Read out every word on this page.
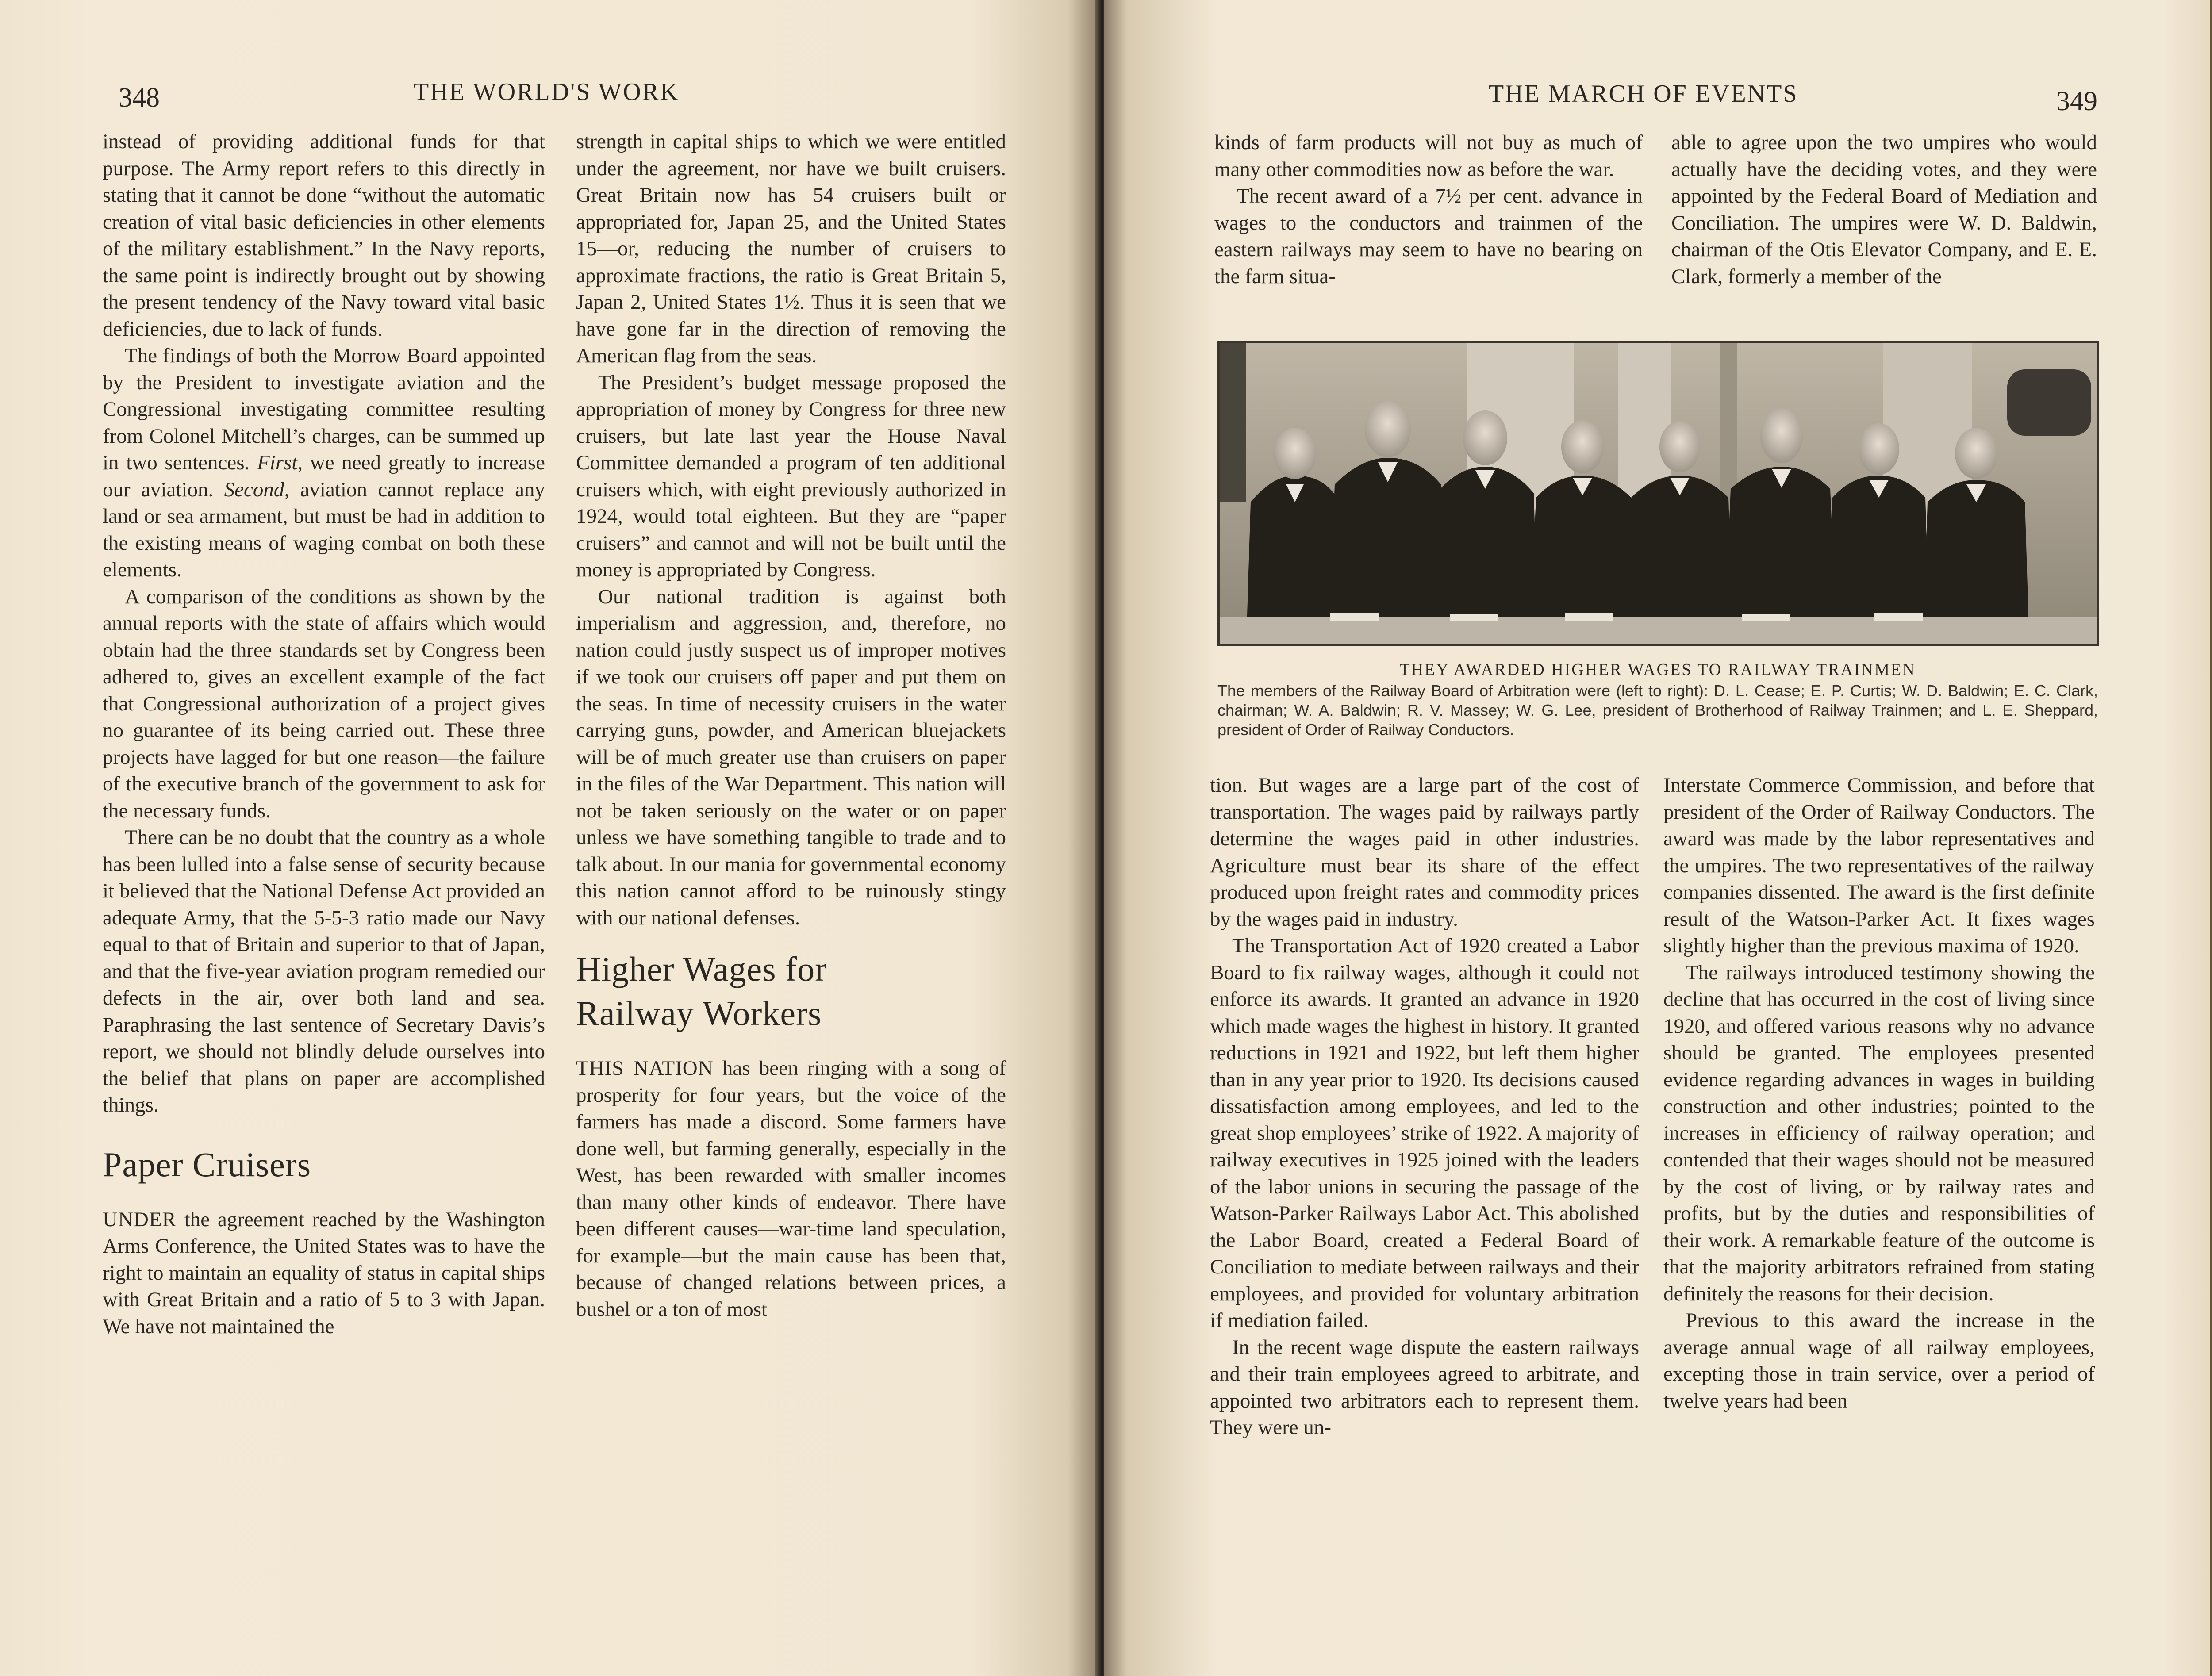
348	THE WORLD'S WORK

instead of providing additional funds for that purpose. The Army report refers to this directly in stating that it cannot be done “without the automatic creation of vital basic deficiencies in other elements of the military establishment.” In the Navy reports, the same point is indirectly brought out by showing the present tendency of the Navy toward vital basic deficiencies, due to lack of funds.

The findings of both the Morrow Board appointed by the President to investigate aviation and the Congressional investigating committee resulting from Colonel Mitchell’s charges, can be summed up in two sentences. First, we need greatly to increase our aviation. Second, aviation cannot replace any land or sea armament, but must be had in addition to the existing means of waging combat on both these elements.

A comparison of the conditions as shown by the annual reports with the state of affairs which would obtain had the three standards set by Congress been adhered to, gives an excellent example of the fact that Congressional authorization of a project gives no guarantee of its being carried out. These three projects have lagged for but one reason—the failure of the executive branch of the government to ask for the necessary funds.

There can be no doubt that the country as a whole has been lulled into a false sense of security because it believed that the National Defense Act provided an adequate Army, that the 5-5-3 ratio made our Navy equal to that of Britain and superior to that of Japan, and that the five-year aviation program remedied our defects in the air, over both land and sea. Paraphrasing the last sentence of Secretary Davis’s report, we should not blindly delude ourselves into the belief that plans on paper are accomplished things.

Paper Cruisers

UNDER the agreement reached by the Washington Arms Conference, the United States was to have the right to maintain an equality of status in capital ships with Great Britain and a ratio of 5 to 3 with Japan. We have not maintained the

strength in capital ships to which we were entitled under the agreement, nor have we built cruisers. Great Britain now has 54 cruisers built or appropriated for, Japan 25, and the United States 15—or, reducing the number of cruisers to approximate fractions, the ratio is Great Britain 5, Japan 2, United States 1½. Thus it is seen that we have gone far in the direction of removing the American flag from the seas.

The President’s budget message proposed the appropriation of money by Congress for three new cruisers, but late last year the House Naval Committee demanded a program of ten additional cruisers which, with eight previously authorized in 1924, would total eighteen. But they are “paper cruisers” and cannot and will not be built until the money is appropriated by Congress.

Our national tradition is against both imperialism and aggression, and, therefore, no nation could justly suspect us of improper motives if we took our cruisers off paper and put them on the seas. In time of necessity cruisers in the water carrying guns, powder, and American bluejackets will be of much greater use than cruisers on paper in the files of the War Department. This nation will not be taken seriously on the water or on paper unless we have something tangible to trade and to talk about. In our mania for governmental economy this nation cannot afford to be ruinously stingy with our national defenses.

Higher Wages for Railway Workers

THIS NATION has been ringing with a song of prosperity for four years, but the voice of the farmers has made a discord. Some farmers have done well, but farming generally, especially in the West, has been rewarded with smaller incomes than many other kinds of endeavor. There have been different causes—war-time land speculation, for example—but the main cause has been that, because of changed relations between prices, a bushel or a ton of most

THE MARCH OF EVENTS	349

kinds of farm products will not buy as much of many other commodities now as before the war.

The recent award of a 7½ per cent. advance in wages to the conductors and trainmen of the eastern railways may seem to have no bearing on the farm situa-

able to agree upon the two umpires who would actually have the deciding votes, and they were appointed by the Federal Board of Mediation and Conciliation. The umpires were W. D. Baldwin, chairman of the Otis Elevator Company, and E. E. Clark, formerly a member of the

THEY AWARDED HIGHER WAGES TO RAILWAY TRAINMEN
The members of the Railway Board of Arbitration were (left to right): D. L. Cease; E. P. Curtis; W. D. Baldwin; E. C. Clark, chairman; W. A. Baldwin; R. V. Massey; W. G. Lee, president of Brotherhood of Railway Trainmen; and L. E. Sheppard, president of Order of Railway Conductors.

tion. But wages are a large part of the cost of transportation. The wages paid by railways partly determine the wages paid in other industries. Agriculture must bear its share of the effect produced upon freight rates and commodity prices by the wages paid in industry.

The Transportation Act of 1920 created a Labor Board to fix railway wages, although it could not enforce its awards. It granted an advance in 1920 which made wages the highest in history. It granted reductions in 1921 and 1922, but left them higher than in any year prior to 1920. Its decisions caused dissatisfaction among employees, and led to the great shop employees’ strike of 1922. A majority of railway executives in 1925 joined with the leaders of the labor unions in securing the passage of the Watson-Parker Railways Labor Act. This abolished the Labor Board, created a Federal Board of Conciliation to mediate between railways and their employees, and provided for voluntary arbitration if mediation failed.

In the recent wage dispute the eastern railways and their train employees agreed to arbitrate, and appointed two arbitrators each to represent them. They were un-

Interstate Commerce Commission, and before that president of the Order of Railway Conductors. The award was made by the labor representatives and the umpires. The two representatives of the railway companies dissented. The award is the first definite result of the Watson-Parker Act. It fixes wages slightly higher than the previous maxima of 1920.

The railways introduced testimony showing the decline that has occurred in the cost of living since 1920, and offered various reasons why no advance should be granted. The employees presented evidence regarding advances in wages in building construction and other industries; pointed to the increases in efficiency of railway operation; and contended that their wages should not be measured by the cost of living, or by railway rates and profits, but by the duties and responsibilities of their work. A remarkable feature of the outcome is that the majority arbitrators refrained from stating definitely the reasons for their decision.

Previous to this award the increase in the average annual wage of all railway employees, excepting those in train service, over a period of twelve years had been
